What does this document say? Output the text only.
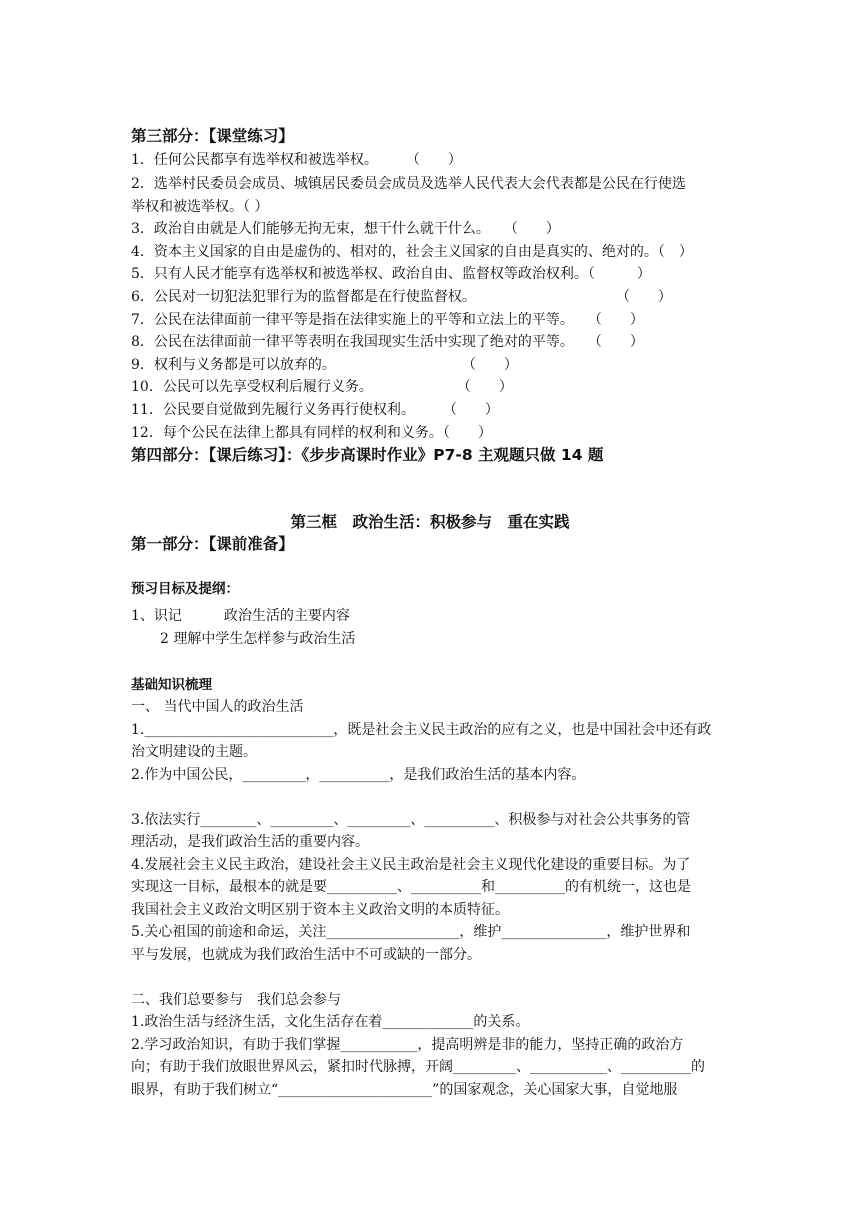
第三部分：【课堂练习】
1．任何公民都享有选举权和被选举权。　　　（　　）
2．选举村民委员会成员、城镇居民委员会成员及选举人民代表大会代表都是公民在行使选
举权和被选举权。（ ）
3．政治自由就是人们能够无拘无束，想干什么就干什么。　　（　　）
4．资本主义国家的自由是虚伪的、相对的，社会主义国家的自由是真实的、绝对的。（　）
5．只有人民才能享有选举权和被选举权、政治自由、监督权等政治权利。（　　　）
6．公民对一切犯法犯罪行为的监督都是在行使监督权。　　　　　　　　　　　（　　）
7．公民在法律面前一律平等是指在法律实施上的平等和立法上的平等。　　（　　）
8．公民在法律面前一律平等表明在我国现实生活中实现了绝对的平等。　　（　　）
9．权利与义务都是可以放弃的。　　　　　　　　　　（　　）
10．公民可以先享受权利后履行义务。　　　　　　　（　　）
11．公民要自觉做到先履行义务再行使权利。　　　（　　）
12．每个公民在法律上都具有同样的权利和义务。（　　）
第四部分：【课后练习】：《步步高课时作业》P7-8 主观题只做 14 题
第三框　政治生活：积极参与　重在实践
第一部分：【课前准备】
预习目标及提纲：
1、识记　　　政治生活的主要内容
2 理解中学生怎样参与政治生活
基础知识梳理
一、 当代中国人的政治生活
1.___________________________，既是社会主义民主政治的应有之义，也是中国社会中还有政
治文明建设的主题。
2.作为中国公民，_________，__________，是我们政治生活的基本内容。
3.依法实行________、_________、_________、__________、积极参与对社会公共事务的管
理活动，是我们政治生活的重要内容。
4.发展社会主义民主政治，建设社会主义民主政治是社会主义现代化建设的重要目标。为了
实现这一目标，最根本的就是要__________、__________和__________的有机统一，这也是
我国社会主义政治文明区别于资本主义政治文明的本质特征。
5.关心祖国的前途和命运，关注___________________，维护_______________，维护世界和
平与发展，也就成为我们政治生活中不可或缺的一部分。
二、我们总要参与　我们总会参与
1.政治生活与经济生活，文化生活存在着_____________的关系。
2.学习政治知识，有助于我们掌握___________，提高明辨是非的能力，坚持正确的政治方
向；有助于我们放眼世界风云，紧扣时代脉搏，开阔_________、___________、__________的
眼界，有助于我们树立“______________________”的国家观念，关心国家大事，自觉地服
